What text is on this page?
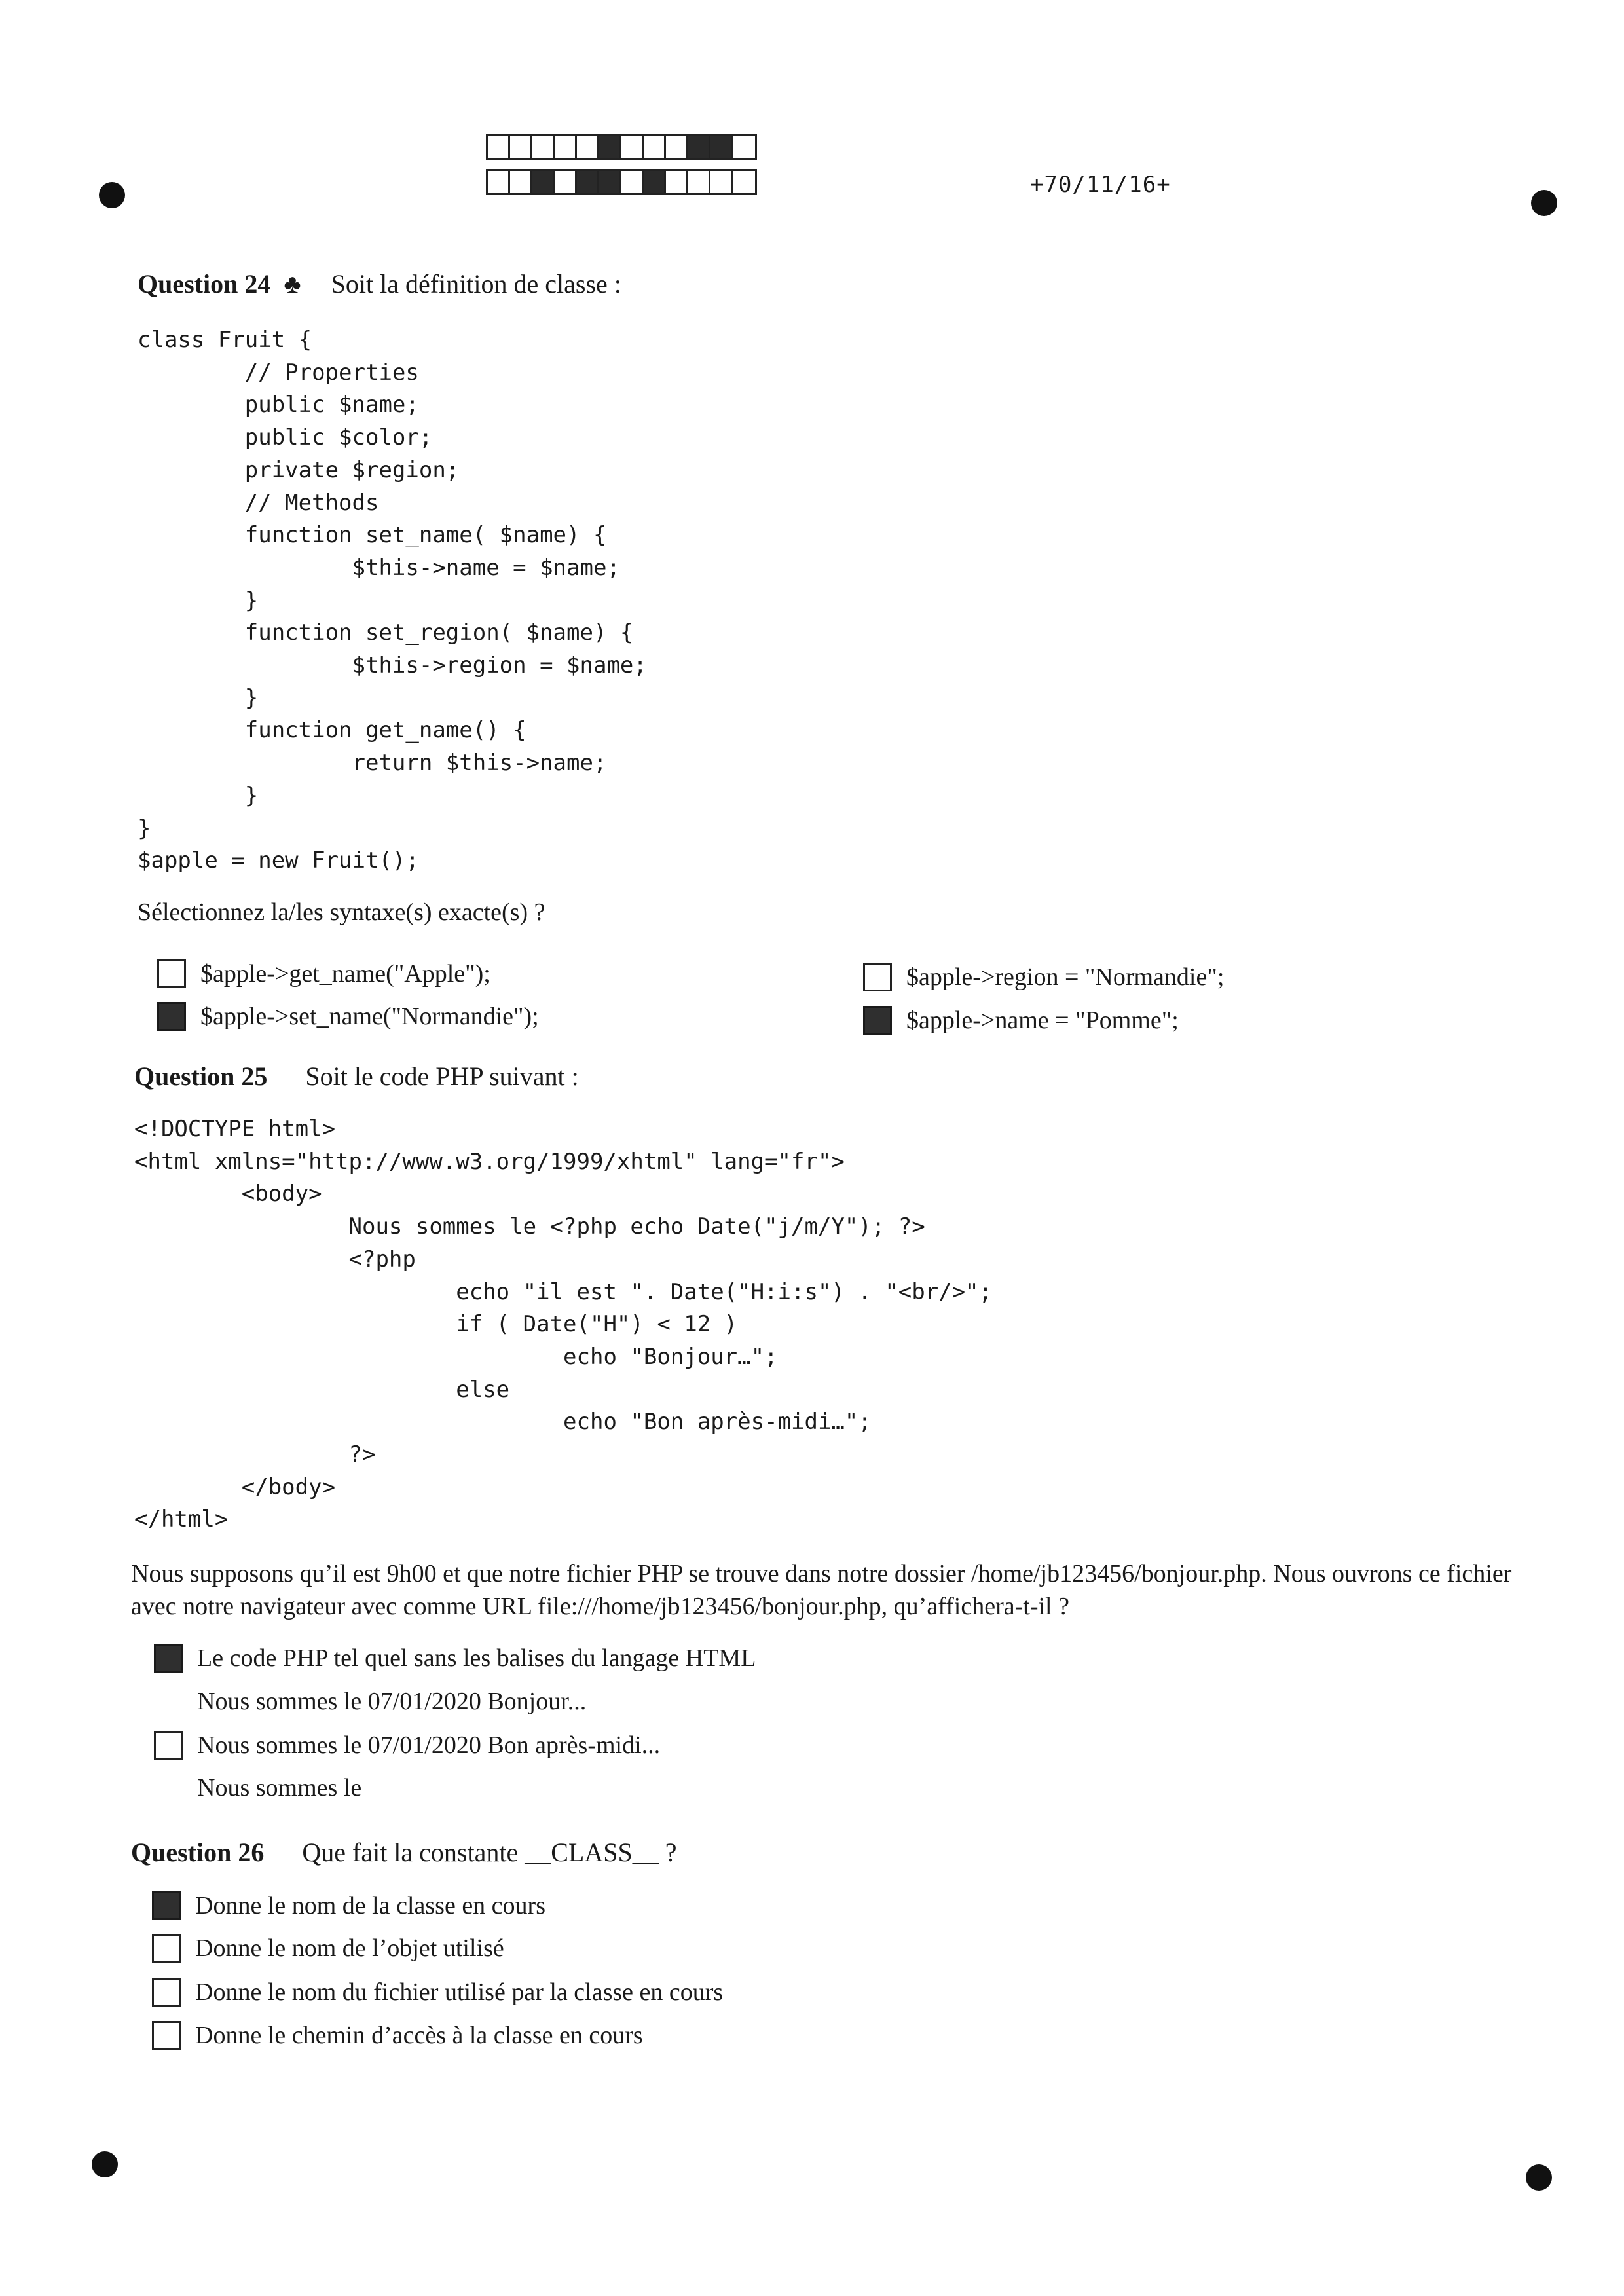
+70/11/16+
Question 24 ♣ Soit la définition de classe :
class Fruit {
// Properties
public $name;
public $color;
private $region;
// Methods
function set_name( $name) {
$this->name = $name;
}
function set_region( $name) {
$this->region = $name;
}
function get_name() {
return $this->name;
}
}
$apple = new Fruit();
Sélectionnez la/les syntaxe(s) exacte(s) ?
$apple->get_name("Apple");
$apple->set_name("Normandie");
$apple->region = "Normandie";
$apple->name = "Pomme";
Question 25 Soit le code PHP suivant :
<!DOCTYPE html>
<html xmlns="http://www.w3.org/1999/xhtml" lang="fr">
<body>
Nous sommes le <?php echo Date("j/m/Y"); ?>
<?php
echo "il est ". Date("H:i:s") . "<br/>";
if ( Date("H") < 12 )
echo "Bonjour…";
else
echo "Bon après-midi…";
?>
</body>
</html>
Nous supposons qu’il est 9h00 et que notre fichier PHP se trouve dans notre dossier /home/jb123456/bonjour.php. Nous ouvrons ce fichier avec notre navigateur avec comme URL file:///home/jb123456/bonjour.php, qu’affichera-t-il ?
Le code PHP tel quel sans les balises du langage HTML
Nous sommes le 07/01/2020 Bonjour...
Nous sommes le 07/01/2020 Bon après-midi...
Nous sommes le
Question 26 Que fait la constante __CLASS__ ?
Donne le nom de la classe en cours
Donne le nom de l’objet utilisé
Donne le nom du fichier utilisé par la classe en cours
Donne le chemin d’accès à la classe en cours
